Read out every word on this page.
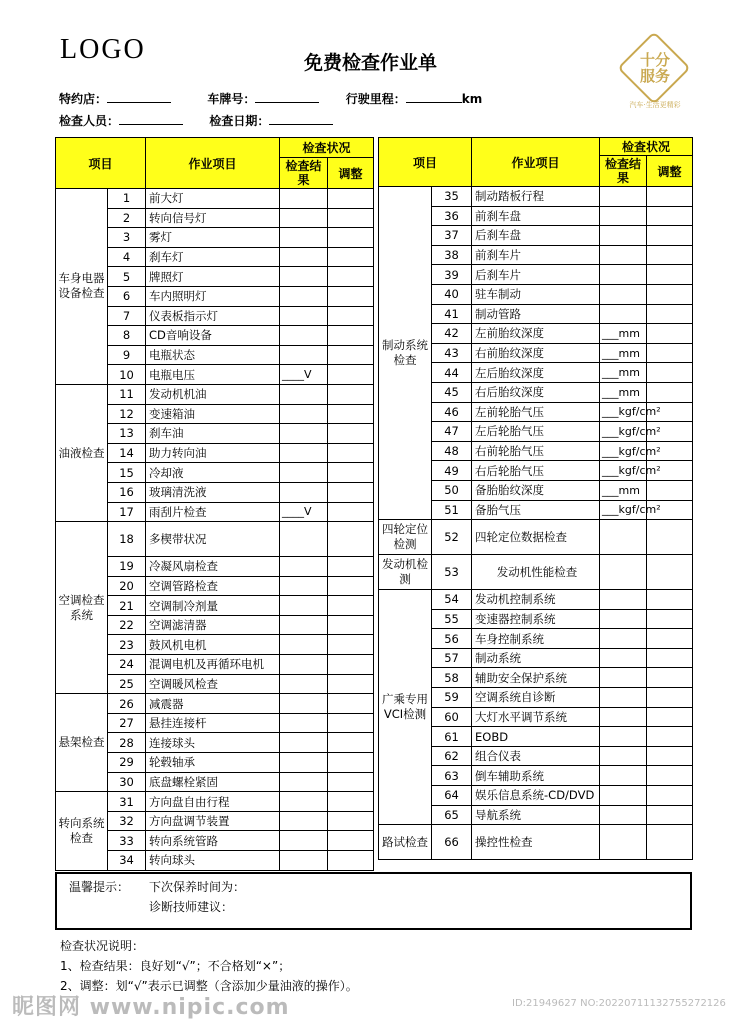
LOGO	免费检查作业单	十分
服务
汽车·生活更精彩
特约店：	车牌号：	行驶里程：	km
检查人员：	检查日期：
项目		作业项目	检查状况	
			检查结果	调整
车身电器
设备检查	1	前大灯		
	2	转向信号灯		
	3	雾灯		
	4	刹车灯		
	5	牌照灯		
	6	车内照明灯		
	7	仪表板指示灯		
	8	CD音响设备		
	9	电瓶状态		
	10	电瓶电压	____V	
油液检查	11	发动机机油		
	12	变速箱油		
	13	刹车油		
	14	助力转向油		
	15	冷却液		
	16	玻璃清洗液		
	17	雨刮片检查	____V	
空调检查
系统	18	多楔带状况		
	19	冷凝风扇检查		
	20	空调管路检查		
	21	空调制冷剂量		
	22	空调滤清器		
	23	鼓风机电机		
	24	混调电机及再循环电机		
	25	空调暖风检查		
悬架检查	26	减震器		
	27	悬挂连接杆		
	28	连接球头		
	29	轮毂轴承		
	30	底盘螺栓紧固		
转向系统
检查	31	方向盘自由行程		
	32	方向盘调节装置		
	33	转向系统管路		
	34	转向球头		
项目		作业项目	检查状况	
			检查结果	调整
制动系统
检查	35	制动踏板行程		
	36	前刹车盘		
	37	后刹车盘		
	38	前刹车片		
	39	后刹车片		
	40	驻车制动		
	41	制动管路		
	42	左前胎纹深度	___mm	
	43	右前胎纹深度	___mm	
	44	左后胎纹深度	___mm	
	45	右后胎纹深度	___mm	
	46	左前轮胎气压	___kgf/cm²	
	47	左后轮胎气压	___kgf/cm²	
	48	右前轮胎气压	___kgf/cm²	
	49	右后轮胎气压	___kgf/cm²	
	50	备胎胎纹深度	___mm	
	51	备胎气压	___kgf/cm²	
四轮定位
检测	52	四轮定位数据检查		
发动机检
测	53	发动机性能检查		
广乘专用
VCI检测	54	发动机控制系统		
	55	变速器控制系统		
	56	车身控制系统		
	57	制动系统		
	58	辅助安全保护系统		
	59	空调系统自诊断		
	60	大灯水平调节系统		
	61	EOBD		
	62	组合仪表		
	63	倒车辅助系统		
	64	娱乐信息系统-CD/DVD		
	65	导航系统		
路试检查	66	操控性检查		
温馨提示： 下次保养时间为：
诊断技师建议：
检查状况说明：
1、检查结果：良好划“√”；不合格划“×”；
2、调整：划“√”表示已调整（含添加少量油液的操作）。
昵图网 www.nipic.com	ID:21949627 NO:20220711132755272126
